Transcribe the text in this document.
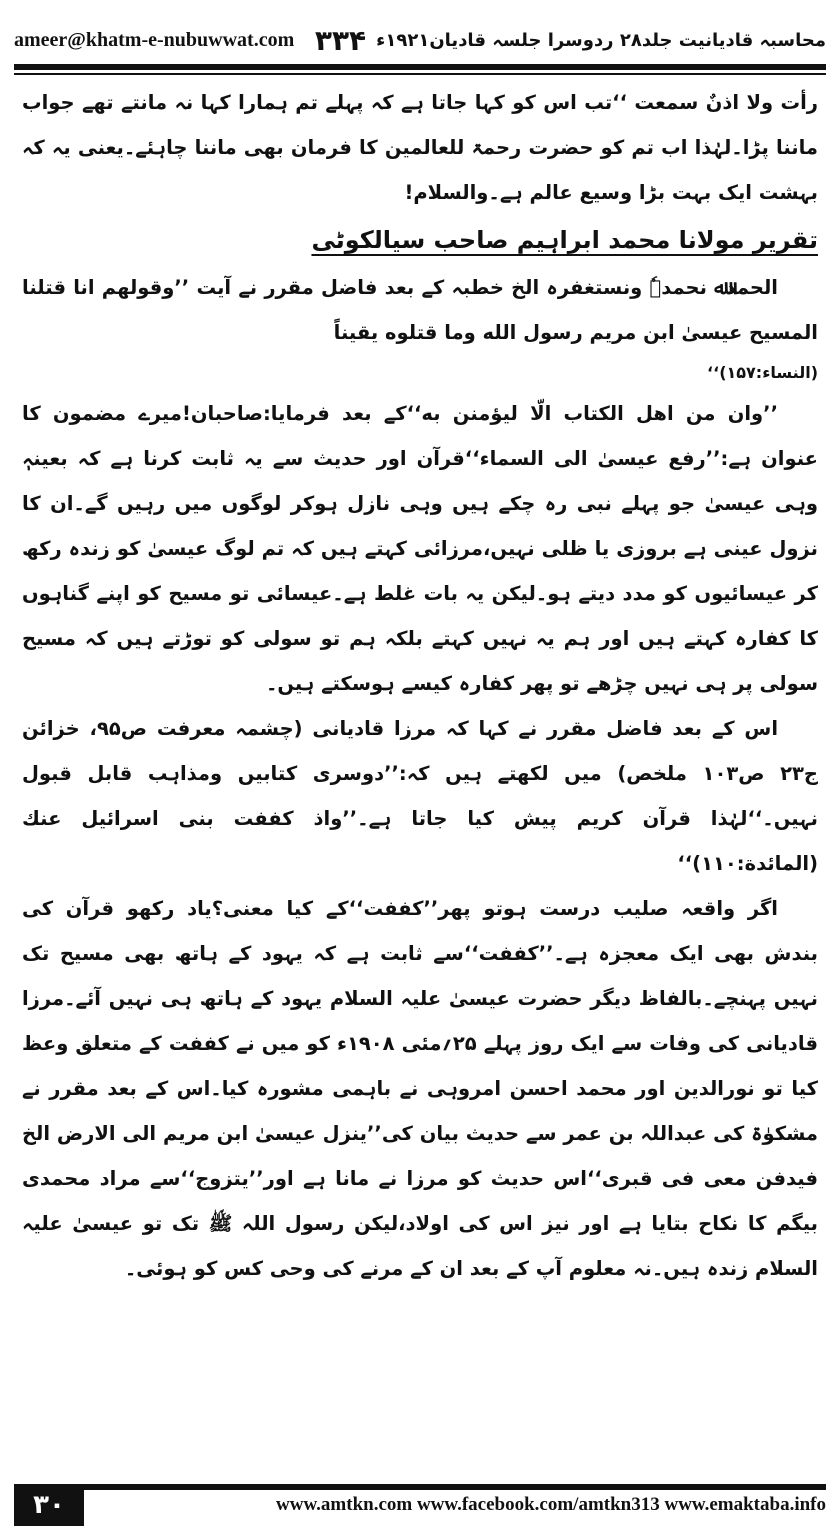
ameer@khatm-e-nubuwwat.com	محاسبہ قادیانیت جلد۲۸ ردوسرا جلسہ قادیان۱۹۲۱ء
۳۳۴

رأت ولا اذنٌ سمعت ‘‘تب اس کو کہا جاتا ہے کہ پہلے تم ہمارا کہا نہ مانتے تھے جواب ماننا پڑا۔لہٰذا اب تم کو حضرت رحمۃ للعالمین کا فرمان بھی ماننا چاہئے۔یعنی یہ کہ بہشت ایک بہت بڑا وسیع عالم ہے۔والسلام!

تقریر مولانا محمد ابراہیم صاحب سیالکوٹی

الحمدﷲ نحمدہٗ ونستغفرہ الخ خطبہ کے بعد فاضل مقرر نے آیت ’’وقولهم انا قتلنا المسيح عيسیٰ ابن مريم رسول الله وما قتلوه يقيناً

(النساء:۱۵۷)‘‘

’’وان من اهل الكتاب الّا ليؤمنن به‘‘کے بعد فرمایا:صاحبان!میرے مضمون کا عنوان ہے:’’رفع عيسیٰ الی السماء‘‘قرآن اور حدیث سے یہ ثابت کرنا ہے کہ بعینہٖ وہی عیسیٰ جو پہلے نبی رہ چکے ہیں وہی نازل ہوکر لوگوں میں رہیں گے۔ان کا نزول عینی ہے بروزی یا ظلی نہیں،مرزائی کہتے ہیں کہ تم لوگ عیسیٰ کو زندہ رکھ کر عیسائیوں کو مدد دیتے ہو۔لیکن یہ بات غلط ہے۔عیسائی تو مسیح کو اپنے گناہوں کا کفارہ کہتے ہیں اور ہم یہ نہیں کہتے بلکہ ہم تو سولی کو توڑتے ہیں کہ مسیح سولی پر ہی نہیں چڑھے تو پھر کفارہ کیسے ہوسکتے ہیں۔

اس کے بعد فاضل مقرر نے کہا کہ مرزا قادیانی (چشمہ معرفت ص۹۵، خزائن ج۲۳ ص۱۰۳ ملخص) میں لکھتے ہیں کہ:’’دوسری کتابیں ومذاہب قابل قبول نہیں۔‘‘لہٰذا قرآن کریم پیش کیا جاتا ہے۔’’واذ كففت بنی اسرائيل عنك (المائدة:۱۱۰)‘‘

اگر واقعہ صلیب درست ہوتو پھر’’كففت‘‘کے کیا معنی؟یاد رکھو قرآن کی بندش بھی ایک معجزہ ہے۔’’كففت‘‘سے ثابت ہے کہ یہود کے ہاتھ بھی مسیح تک نہیں پہنچے۔بالفاظ دیگر حضرت عیسیٰ علیہ السلام یہود کے ہاتھ ہی نہیں آئے۔مرزا قادیانی کی وفات سے ایک روز پہلے ۲۵؍مئی ۱۹۰۸ء کو میں نے کففت کے متعلق وعظ کیا تو نورالدین اور محمد احسن امروہی نے باہمی مشورہ کیا۔اس کے بعد مقرر نے مشکوٰۃ کی عبداللہ بن عمر سے حدیث بیان کی’’ينزل عيسیٰ ابن مريم الی الارض الخ فيدفن معی فی قبری‘‘اس حدیث کو مرزا نے مانا ہے اور’’يتزوج‘‘سے مراد محمدی بیگم کا نکاح بتایا ہے اور نیز اس کی اولاد،لیکن رسول اللہ ﷺ تک تو عیسیٰ علیہ السلام زندہ ہیں۔نہ معلوم آپ کے بعد ان کے مرنے کی وحی کس کو ہوئی۔

۳۰	www.amtkn.com www.facebook.com/amtkn313 www.emaktaba.info
